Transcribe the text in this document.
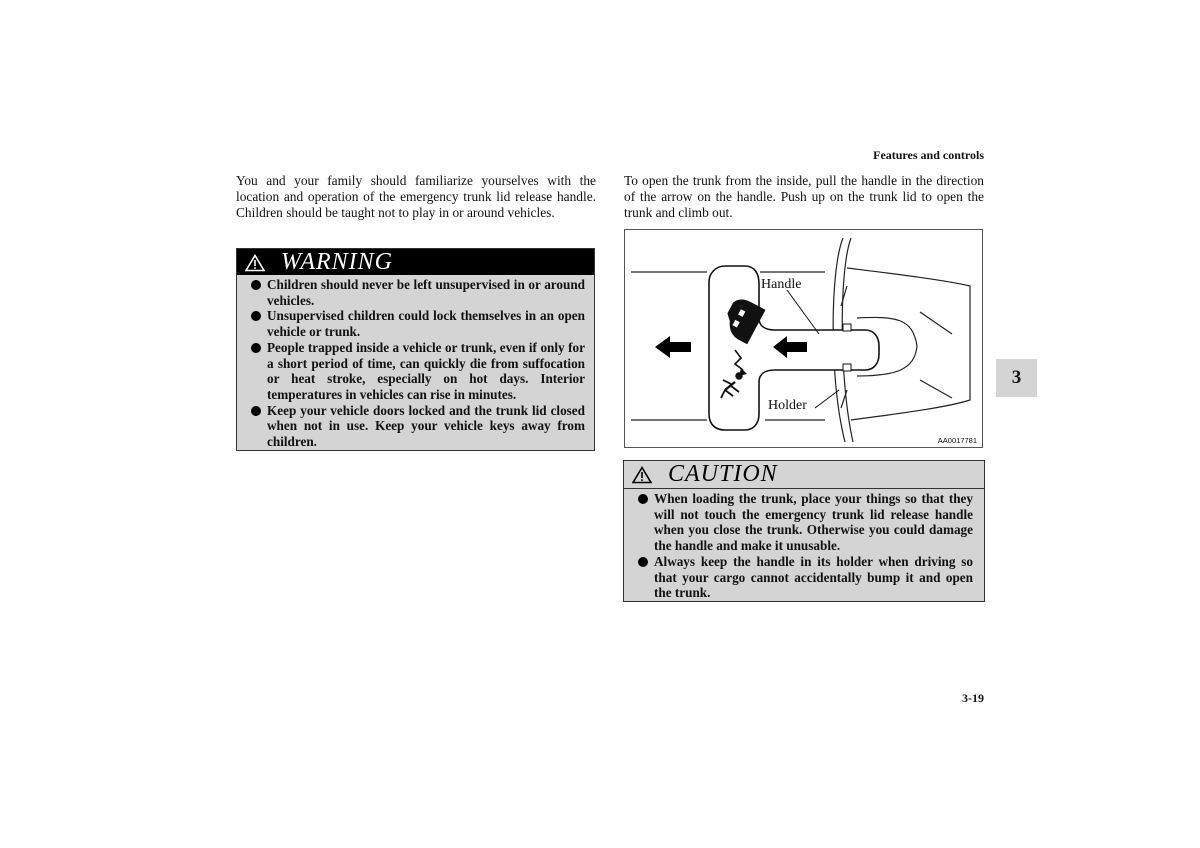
Features and controls

You and your family should familiarize yourselves with the location and operation of the emergency trunk lid release handle. Children should be taught not to play in or around vehicles.

WARNING
Children should never be left unsupervised in or around vehicles.
Unsupervised children could lock themselves in an open vehicle or trunk.
People trapped inside a vehicle or trunk, even if only for a short period of time, can quickly die from suffocation or heat stroke, especially on hot days. Interior temperatures in vehicles can rise in minutes.
Keep your vehicle doors locked and the trunk lid closed when not in use. Keep your vehicle keys away from children.

To open the trunk from the inside, pull the handle in the direction of the arrow on the handle. Push up on the trunk lid to open the trunk and climb out.

Handle
Holder
AA0017781
CAUTION
When loading the trunk, place your things so that they will not touch the emergency trunk lid release handle when you close the trunk. Otherwise you could damage the handle and make it unusable.
Always keep the handle in its holder when driving so that your cargo cannot accidentally bump it and open the trunk.
3
3-19
